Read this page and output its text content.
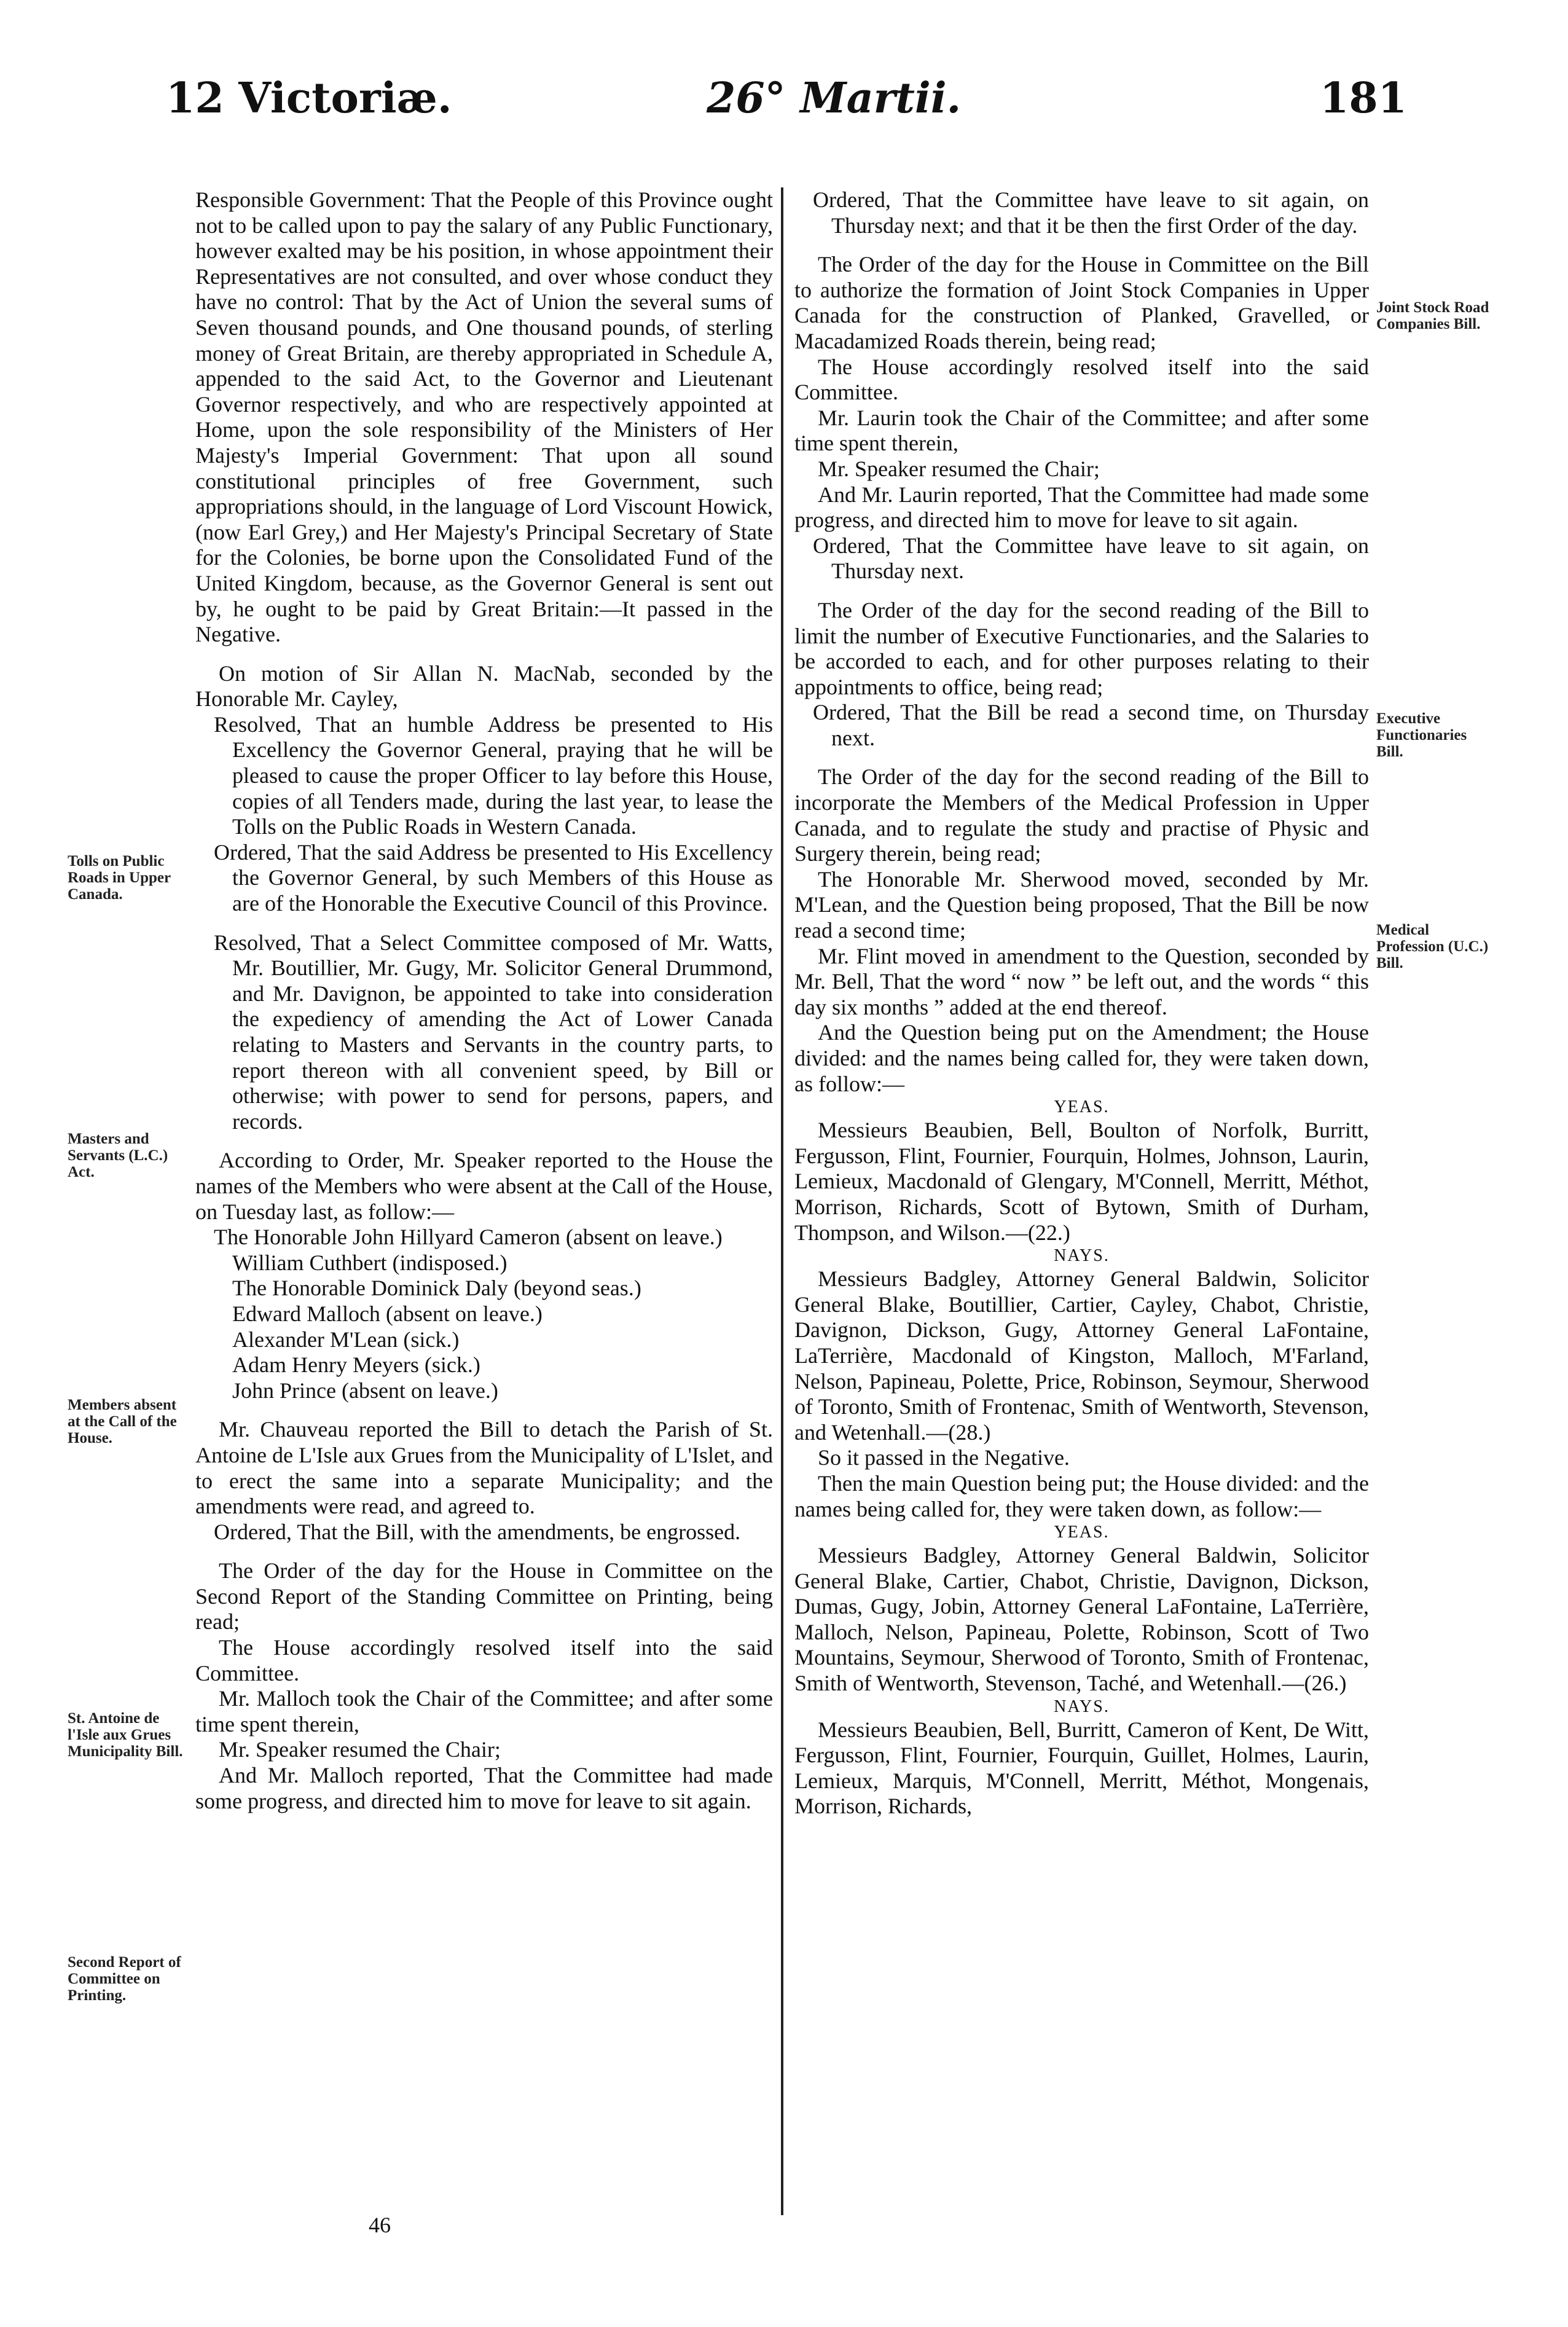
12 Victoriæ.	26° Martii.	181

Responsible Government: That the People of this Province ought not to be called upon to pay the salary of any Public Functionary, however exalted may be his position, in whose appointment their Representatives are not consulted, and over whose conduct they have no control: That by the Act of Union the several sums of Seven thousand pounds, and One thousand pounds, of sterling money of Great Britain, are thereby appropriated in Schedule A, appended to the said Act, to the Governor and Lieutenant Governor respectively, and who are respectively appointed at Home, upon the sole responsibility of the Ministers of Her Majesty's Imperial Government: That upon all sound constitutional principles of free Government, such appropriations should, in the language of Lord Viscount Howick, (now Earl Grey,) and Her Majesty's Principal Secretary of State for the Colonies, be borne upon the Consolidated Fund of the United Kingdom, because, as the Governor General is sent out by, he ought to be paid by Great Britain:—It passed in the Negative.

On motion of Sir Allan N. MacNab, seconded by the Honorable Mr. Cayley,

Resolved, That an humble Address be presented to His Excellency the Governor General, praying that he will be pleased to cause the proper Officer to lay before this House, copies of all Tenders made, during the last year, to lease the Tolls on the Public Roads in Western Canada.

Ordered, That the said Address be presented to His Excellency the Governor General, by such Members of this House as are of the Honorable the Executive Council of this Province.

Resolved, That a Select Committee composed of Mr. Watts, Mr. Boutillier, Mr. Gugy, Mr. Solicitor General Drummond, and Mr. Davignon, be appointed to take into consideration the expediency of amending the Act of Lower Canada relating to Masters and Servants in the country parts, to report thereon with all convenient speed, by Bill or otherwise; with power to send for persons, papers, and records.

According to Order, Mr. Speaker reported to the House the names of the Members who were absent at the Call of the House, on Tuesday last, as follow:—

The Honorable John Hillyard Cameron (absent on leave.)

William Cuthbert (indisposed.)

The Honorable Dominick Daly (beyond seas.)

Edward Malloch (absent on leave.)

Alexander M'Lean (sick.)

Adam Henry Meyers (sick.)

John Prince (absent on leave.)

Mr. Chauveau reported the Bill to detach the Parish of St. Antoine de L'Isle aux Grues from the Municipality of L'Islet, and to erect the same into a separate Municipality; and the amendments were read, and agreed to.

Ordered, That the Bill, with the amendments, be engrossed.

The Order of the day for the House in Committee on the Second Report of the Standing Committee on Printing, being read;

The House accordingly resolved itself into the said Committee.

Mr. Malloch took the Chair of the Committee; and after some time spent therein,

Mr. Speaker resumed the Chair;

And Mr. Malloch reported, That the Committee had made some progress, and directed him to move for leave to sit again.

Ordered, That the Committee have leave to sit again, on Thursday next; and that it be then the first Order of the day.

The Order of the day for the House in Committee on the Bill to authorize the formation of Joint Stock Companies in Upper Canada for the construction of Planked, Gravelled, or Macadamized Roads therein, being read;

The House accordingly resolved itself into the said Committee.

Mr. Laurin took the Chair of the Committee; and after some time spent therein,

Mr. Speaker resumed the Chair;

And Mr. Laurin reported, That the Committee had made some progress, and directed him to move for leave to sit again.

Ordered, That the Committee have leave to sit again, on Thursday next.

The Order of the day for the second reading of the Bill to limit the number of Executive Functionaries, and the Salaries to be accorded to each, and for other purposes relating to their appointments to office, being read;

Ordered, That the Bill be read a second time, on Thursday next.

The Order of the day for the second reading of the Bill to incorporate the Members of the Medical Profession in Upper Canada, and to regulate the study and practise of Physic and Surgery therein, being read;

The Honorable Mr. Sherwood moved, seconded by Mr. M'Lean, and the Question being proposed, That the Bill be now read a second time;

Mr. Flint moved in amendment to the Question, seconded by Mr. Bell, That the word “ now ” be left out, and the words “ this day six months ” added at the end thereof.

And the Question being put on the Amendment; the House divided: and the names being called for, they were taken down, as follow:—

YEAS.

Messieurs Beaubien, Bell, Boulton of Norfolk, Burritt, Fergusson, Flint, Fournier, Fourquin, Holmes, Johnson, Laurin, Lemieux, Macdonald of Glengary, M'Connell, Merritt, Méthot, Morrison, Richards, Scott of Bytown, Smith of Durham, Thompson, and Wilson.—(22.)

NAYS.

Messieurs Badgley, Attorney General Baldwin, Solicitor General Blake, Boutillier, Cartier, Cayley, Chabot, Christie, Davignon, Dickson, Gugy, Attorney General LaFontaine, LaTerrière, Macdonald of Kingston, Malloch, M'Farland, Nelson, Papineau, Polette, Price, Robinson, Seymour, Sherwood of Toronto, Smith of Frontenac, Smith of Wentworth, Stevenson, and Wetenhall.—(28.)

So it passed in the Negative.

Then the main Question being put; the House divided: and the names being called for, they were taken down, as follow:—

YEAS.

Messieurs Badgley, Attorney General Baldwin, Solicitor General Blake, Cartier, Chabot, Christie, Davignon, Dickson, Dumas, Gugy, Jobin, Attorney General LaFontaine, LaTerrière, Malloch, Nelson, Papineau, Polette, Robinson, Scott of Two Mountains, Seymour, Sherwood of Toronto, Smith of Frontenac, Smith of Wentworth, Stevenson, Taché, and Wetenhall.—(26.)

NAYS.

Messieurs Beaubien, Bell, Burritt, Cameron of Kent, De Witt, Fergusson, Flint, Fournier, Fourquin, Guillet, Holmes, Laurin, Lemieux, Marquis, M'Connell, Merritt, Méthot, Mongenais, Morrison, Richards,

Tolls on Public Roads in Upper Canada.
Masters and Servants (L.C.) Act.
Members absent at the Call of the House.
St. Antoine de l'Isle aux Grues Municipality Bill.
Second Report of Committee on Printing.
Joint Stock Road Companies Bill.
Executive Functionaries Bill.
Medical Profession (U.C.) Bill.
46
